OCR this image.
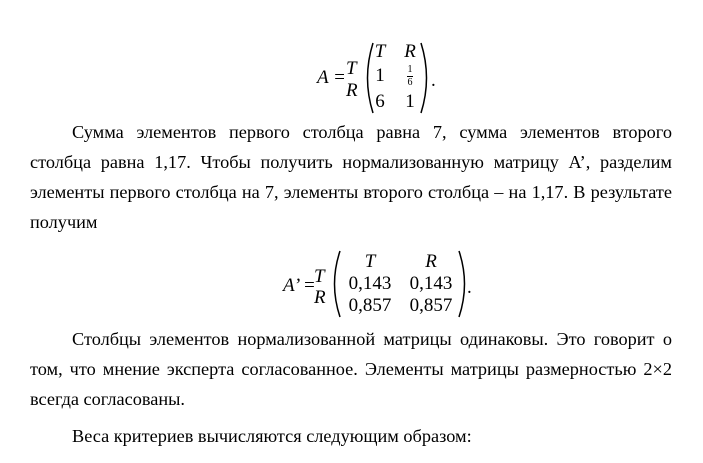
A = T
R
T R
1	1
6
6 1
.

Сумма элементов первого столбца равна 7, сумма элементов второго столбца равна 1,17. Чтобы получить нормализованную матрицу A’, разделим элементы первого столбца на 7, элементы второго столбца – на 1,17. В результате получим

A’ =
T
R
T	R
0,143 0,143
0,857 0,857
.

Столбцы элементов нормализованной матрицы одинаковы. Это говорит о том, что мнение эксперта согласованное. Элементы матрицы размерностью 2×2 всегда согласованы.

Веса критериев вычисляются следующим образом:
